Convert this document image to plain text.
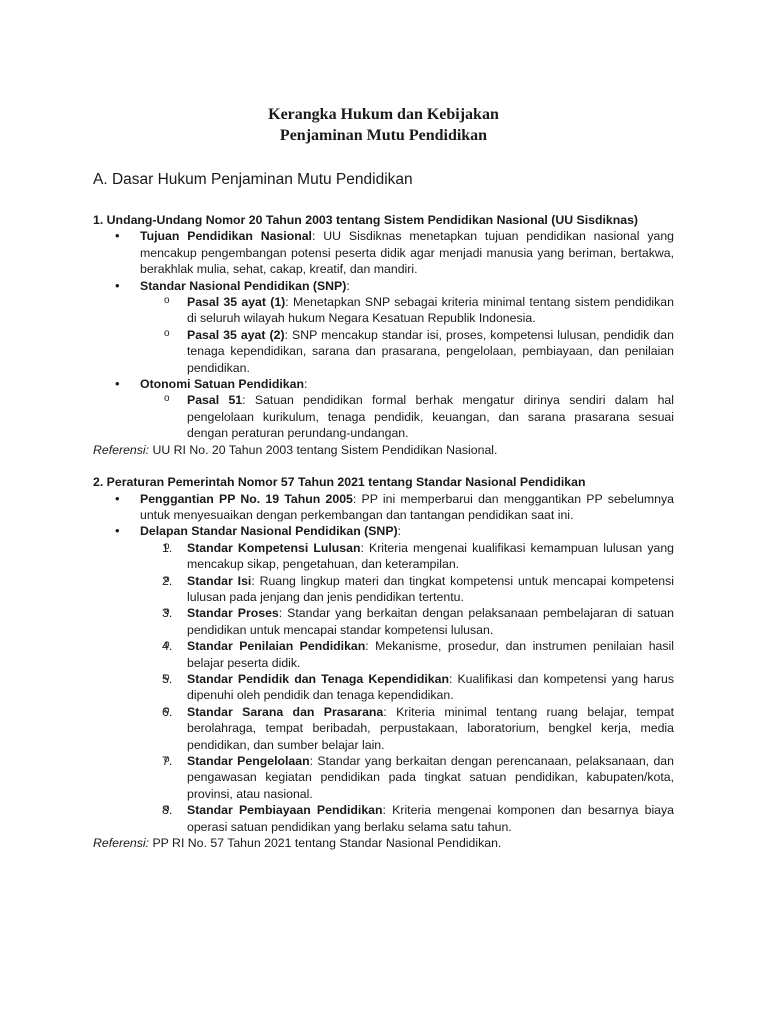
Kerangka Hukum dan Kebijakan
Penjaminan Mutu Pendidikan
A. Dasar Hukum Penjaminan Mutu Pendidikan

1. Undang-Undang Nomor 20 Tahun 2003 tentang Sistem Pendidikan Nasional (UU Sisdiknas)

• Tujuan Pendidikan Nasional: UU Sisdiknas menetapkan tujuan pendidikan nasional yang mencakup pengembangan potensi peserta didik agar menjadi manusia yang beriman, bertakwa, berakhlak mulia, sehat, cakap, kreatif, dan mandiri.
• Standar Nasional Pendidikan (SNP):
o Pasal 35 ayat (1): Menetapkan SNP sebagai kriteria minimal tentang sistem pendidikan di seluruh wilayah hukum Negara Kesatuan Republik Indonesia.
o Pasal 35 ayat (2): SNP mencakup standar isi, proses, kompetensi lulusan, pendidik dan tenaga kependidikan, sarana dan prasarana, pengelolaan, pembiayaan, dan penilaian pendidikan.
• Otonomi Satuan Pendidikan:
o Pasal 51: Satuan pendidikan formal berhak mengatur dirinya sendiri dalam hal pengelolaan kurikulum, tenaga pendidik, keuangan, dan sarana prasarana sesuai dengan peraturan perundang-undangan.

Referensi: UU RI No. 20 Tahun 2003 tentang Sistem Pendidikan Nasional.

2. Peraturan Pemerintah Nomor 57 Tahun 2021 tentang Standar Nasional Pendidikan

• Penggantian PP No. 19 Tahun 2005: PP ini memperbarui dan menggantikan PP sebelumnya untuk menyesuaikan dengan perkembangan dan tantangan pendidikan saat ini.
• Delapan Standar Nasional Pendidikan (SNP):
o 1. Standar Kompetensi Lulusan: Kriteria mengenai kualifikasi kemampuan lulusan yang mencakup sikap, pengetahuan, dan keterampilan.
o 2. Standar Isi: Ruang lingkup materi dan tingkat kompetensi untuk mencapai kompetensi lulusan pada jenjang dan jenis pendidikan tertentu.
o 3. Standar Proses: Standar yang berkaitan dengan pelaksanaan pembelajaran di satuan pendidikan untuk mencapai standar kompetensi lulusan.
o 4. Standar Penilaian Pendidikan: Mekanisme, prosedur, dan instrumen penilaian hasil belajar peserta didik.
o 5. Standar Pendidik dan Tenaga Kependidikan: Kualifikasi dan kompetensi yang harus dipenuhi oleh pendidik dan tenaga kependidikan.
o 6. Standar Sarana dan Prasarana: Kriteria minimal tentang ruang belajar, tempat berolahraga, tempat beribadah, perpustakaan, laboratorium, bengkel kerja, media pendidikan, dan sumber belajar lain.
o 7. Standar Pengelolaan: Standar yang berkaitan dengan perencanaan, pelaksanaan, dan pengawasan kegiatan pendidikan pada tingkat satuan pendidikan, kabupaten/kota, provinsi, atau nasional.
o 8. Standar Pembiayaan Pendidikan: Kriteria mengenai komponen dan besarnya biaya operasi satuan pendidikan yang berlaku selama satu tahun.

Referensi: PP RI No. 57 Tahun 2021 tentang Standar Nasional Pendidikan.
